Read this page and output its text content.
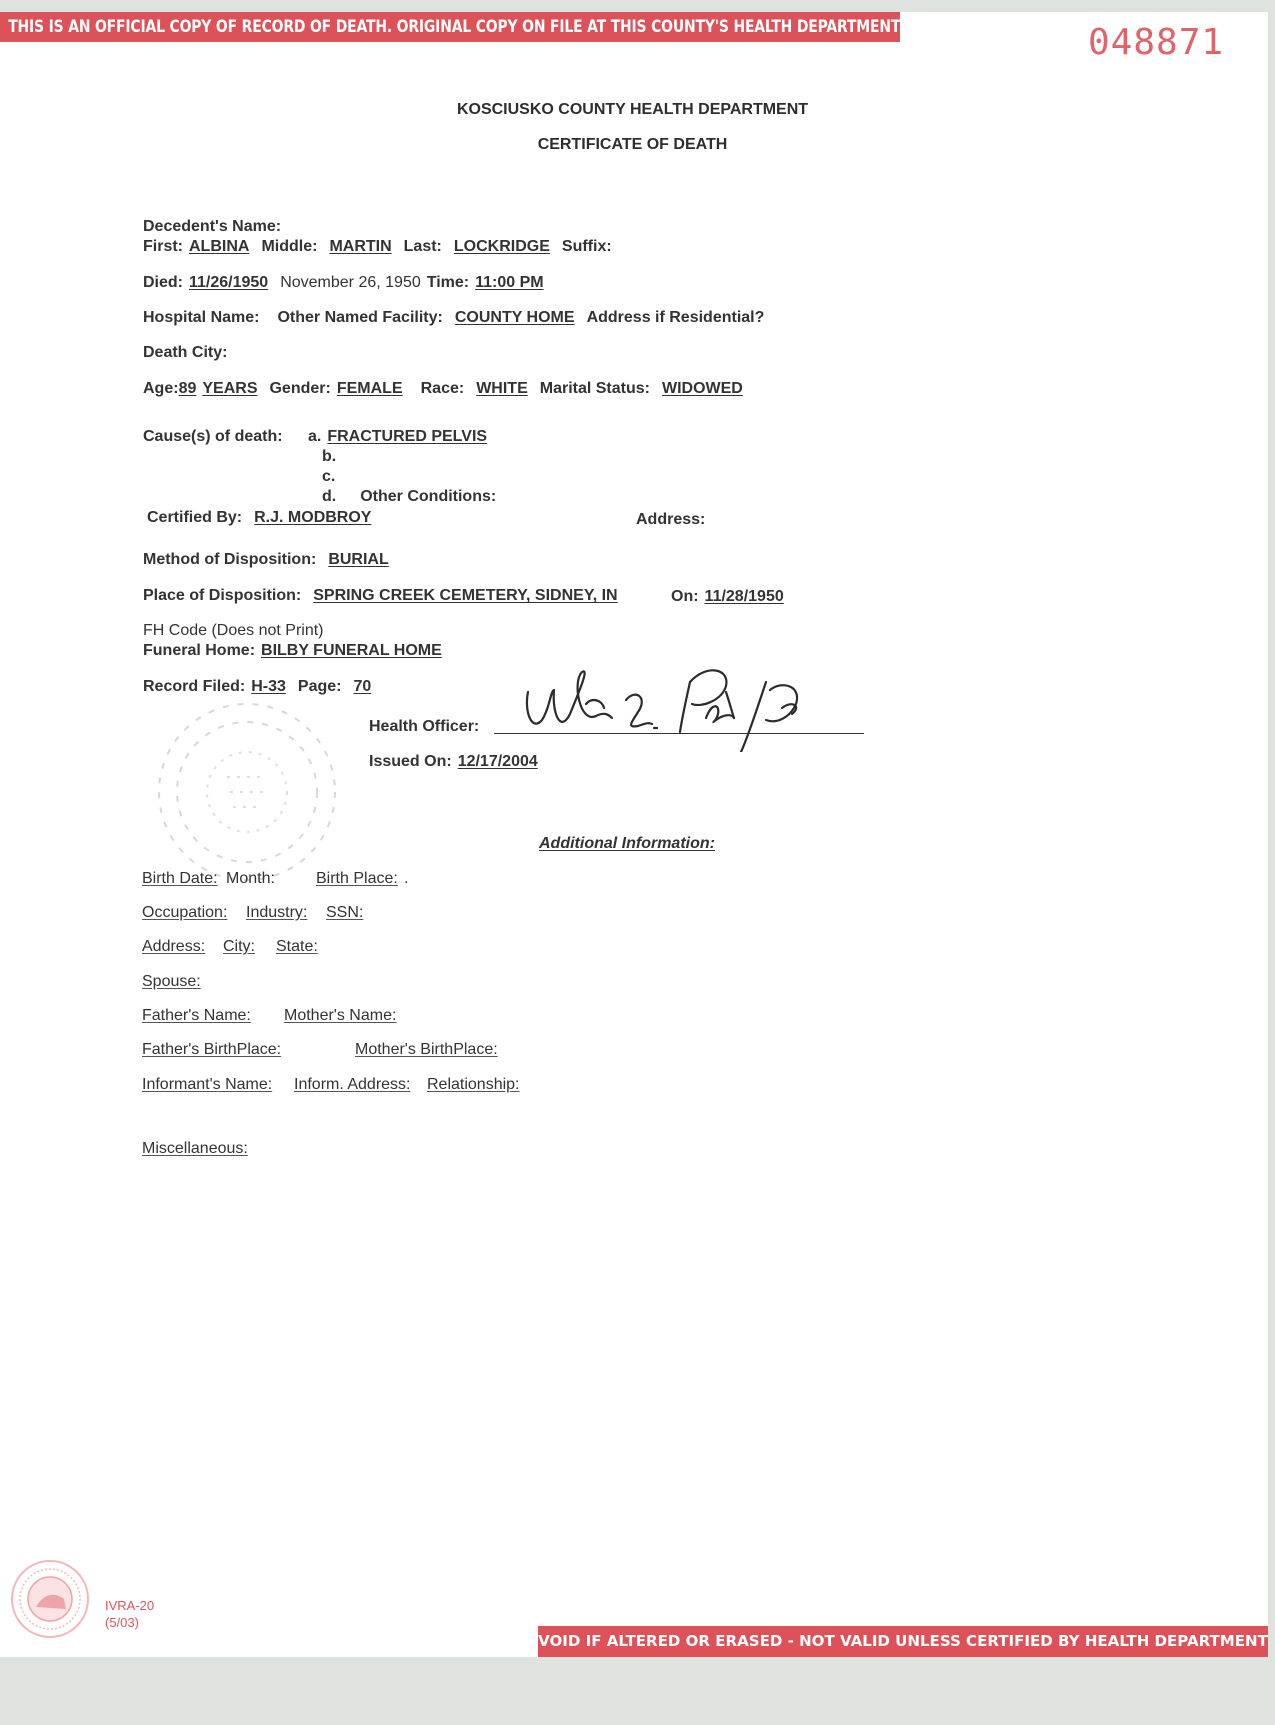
THIS IS AN OFFICIAL COPY OF RECORD OF DEATH. ORIGINAL COPY ON FILE AT THIS COUNTY'S HEALTH DEPARTMENT	048871
KOSCIUSKO COUNTY HEALTH DEPARTMENT
CERTIFICATE OF DEATH
Decedent's Name:
First: ALBINA Middle: MARTIN Last: LOCKRIDGE Suffix:
Died: 11/26/1950 November 26, 1950 Time: 11:00 PM
Hospital Name: Other Named Facility: COUNTY HOME Address if Residential?
Death City:
Age:89 YEARS Gender: FEMALE Race: WHITE Marital Status: WIDOWED
Cause(s) of death: a. FRACTURED PELVIS
b.
c.
d. Other Conditions:
Certified By: R.J. MODBROY	Address:
Method of Disposition: BURIAL
Place of Disposition: SPRING CREEK CEMETERY, SIDNEY, IN	On: 11/28/1950
FH Code (Does not Print)
Funeral Home: BILBY FUNERAL HOME
Record Filed: H-33 Page: 70
Health Officer:
Issued On: 12/17/2004
Additional Information:
Birth Date: Month:	Birth Place: .
Occupation: Industry: SSN:
Address: City: State:
Spouse:
Father's Name: Mother's Name:
Father's BirthPlace:	Mother's BirthPlace:
Informant's Name: Inform. Address: Relationship:
Miscellaneous:
IVRA-20
(5/03)
VOID IF ALTERED OR ERASED - NOT VALID UNLESS CERTIFIED BY HEALTH DEPARTMENT
